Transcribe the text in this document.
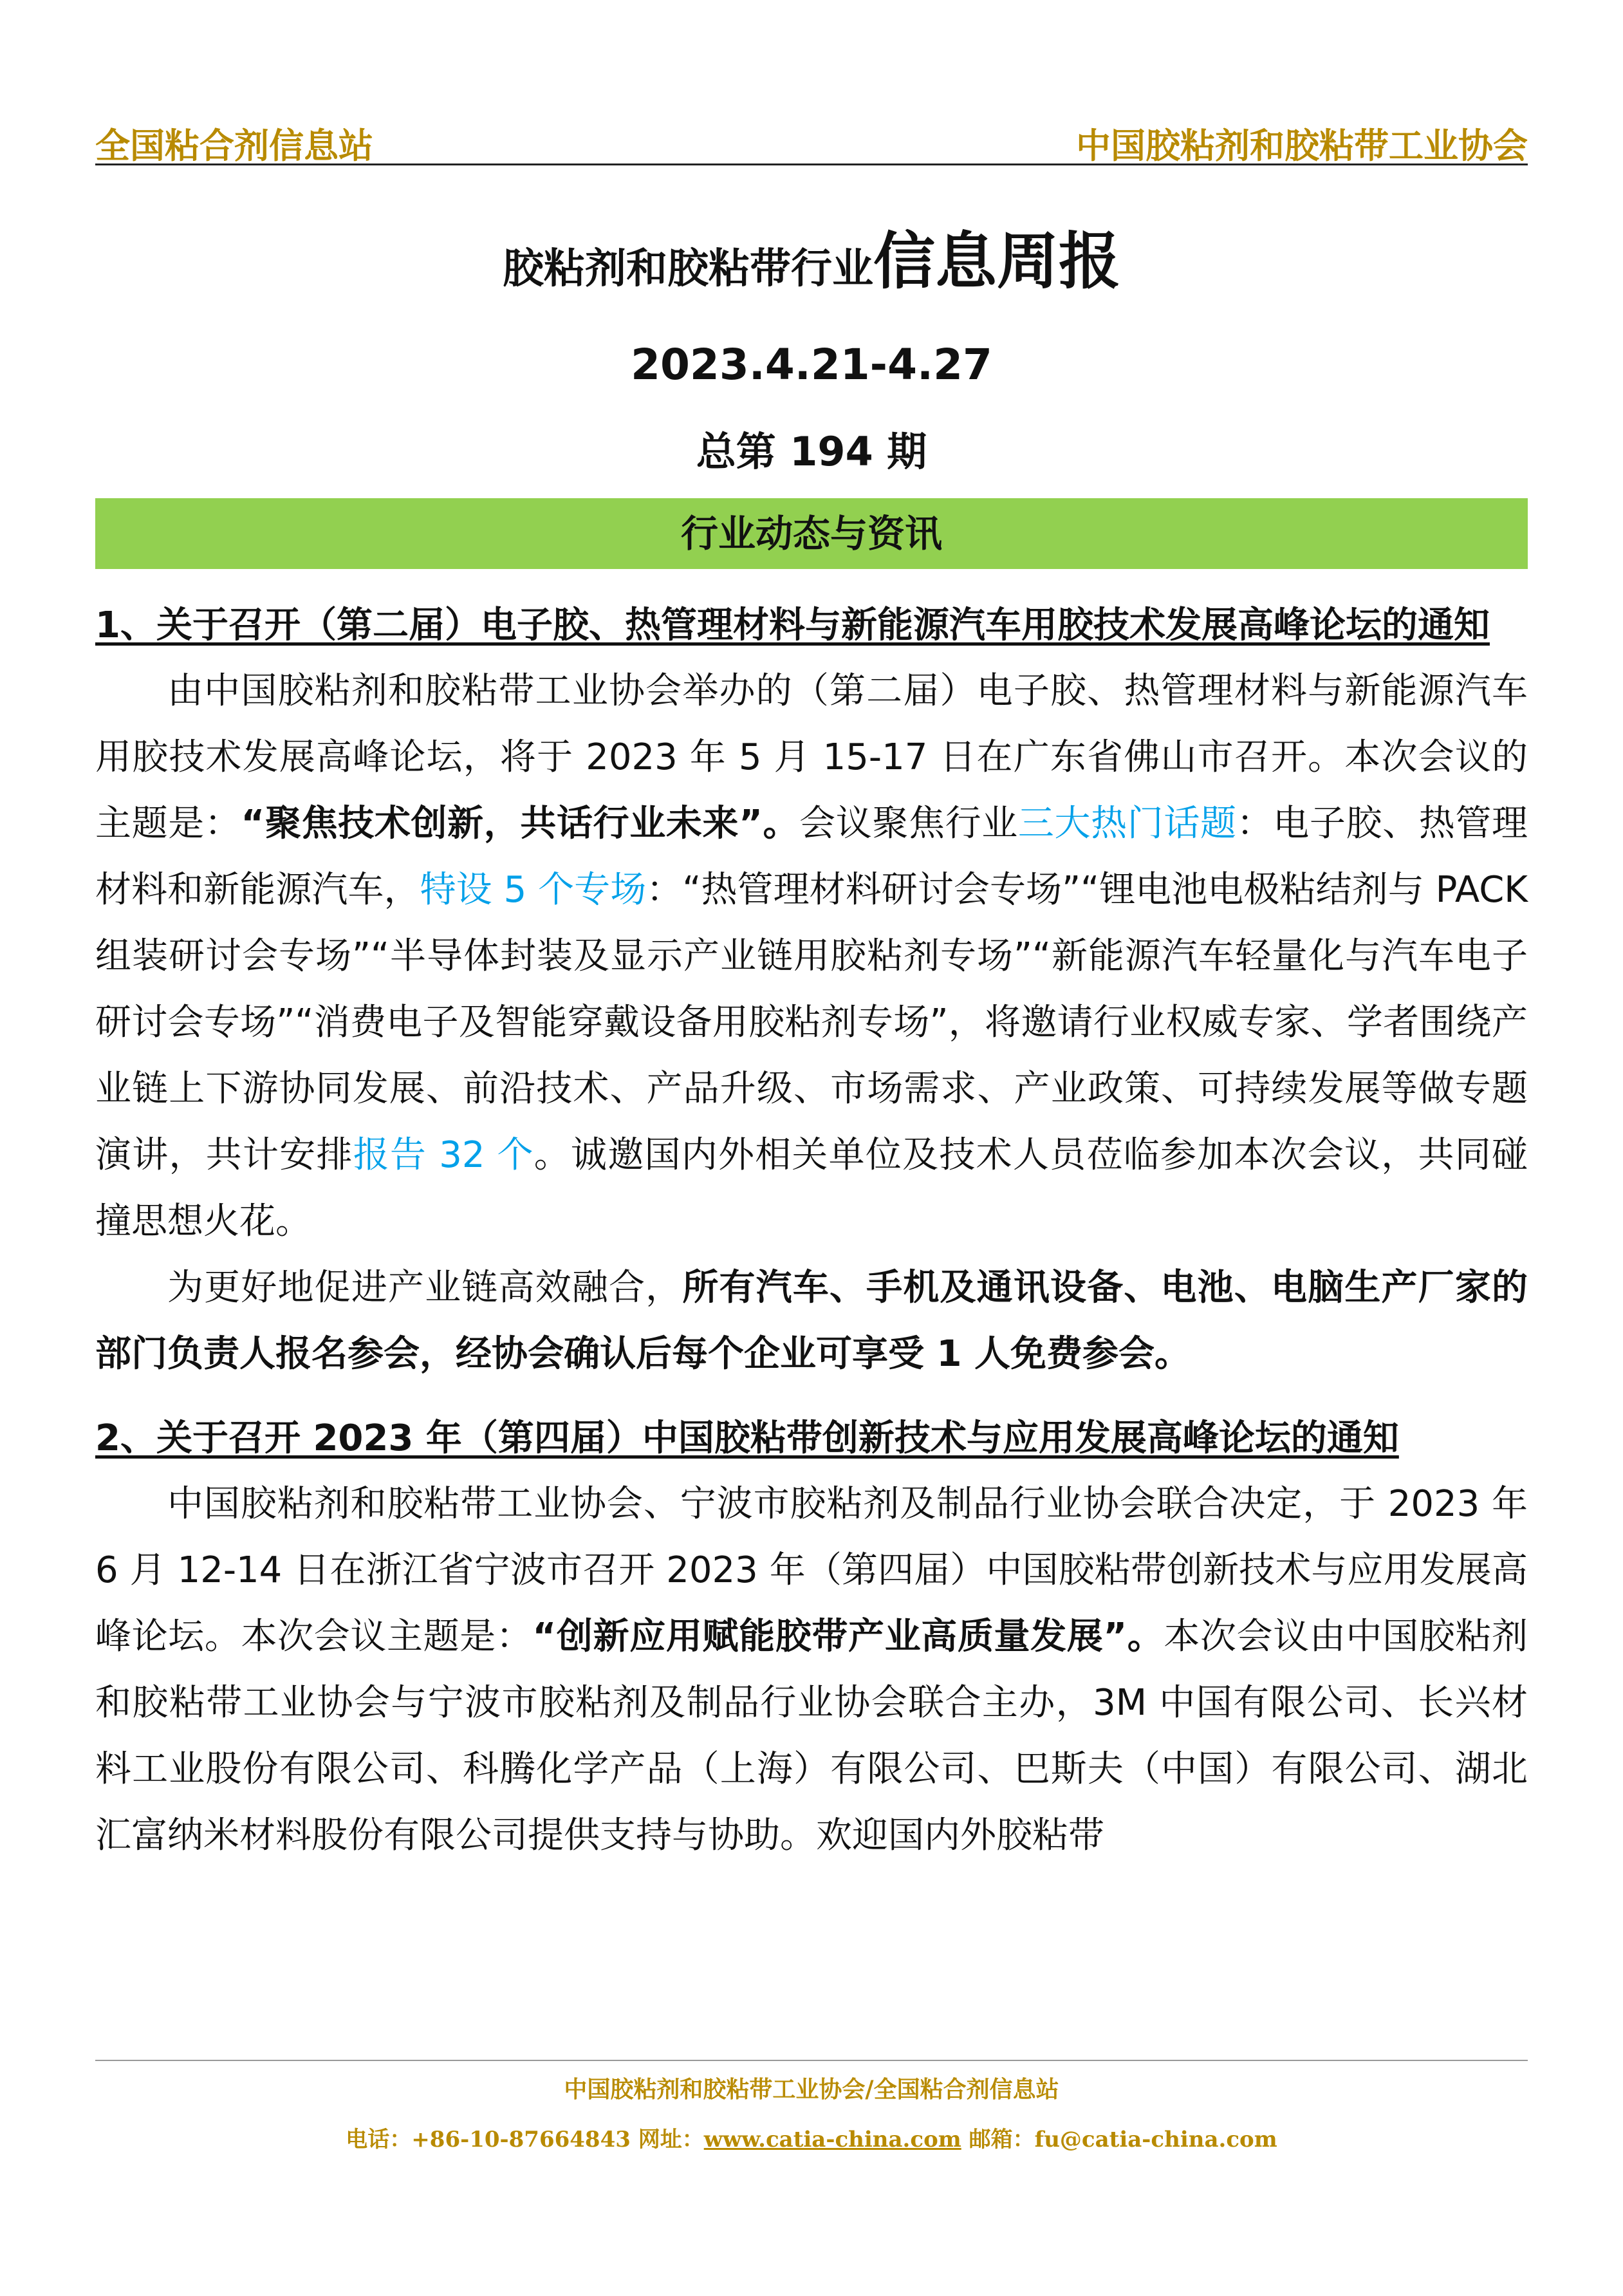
全国粘合剂信息站	中国胶粘剂和胶粘带工业协会
胶粘剂和胶粘带行业信息周报
2023.4.21-4.27
总第 194 期
行业动态与资讯

1、关于召开（第二届）电子胶、热管理材料与新能源汽车用胶技术发展高峰论坛的通知

由中国胶粘剂和胶粘带工业协会举办的（第二届）电子胶、热管理材料与新能源汽车用胶技术发展高峰论坛，将于 2023 年 5 月 15-17 日在广东省佛山市召开。本次会议的主题是：“聚焦技术创新，共话行业未来”。会议聚焦行业三大热门话题：电子胶、热管理材料和新能源汽车，特设 5 个专场：“热管理材料研讨会专场”“锂电池电极粘结剂与 PACK 组装研讨会专场”“半导体封装及显示产业链用胶粘剂专场”“新能源汽车轻量化与汽车电子研讨会专场”“消费电子及智能穿戴设备用胶粘剂专场”，将邀请行业权威专家、学者围绕产业链上下游协同发展、前沿技术、产品升级、市场需求、产业政策、可持续发展等做专题演讲，共计安排报告 32 个。诚邀国内外相关单位及技术人员莅临参加本次会议，共同碰撞思想火花。

为更好地促进产业链高效融合，所有汽车、手机及通讯设备、电池、电脑生产厂家的部门负责人报名参会，经协会确认后每个企业可享受 1 人免费参会。

2、关于召开 2023 年（第四届）中国胶粘带创新技术与应用发展高峰论坛的通知

中国胶粘剂和胶粘带工业协会、宁波市胶粘剂及制品行业协会联合决定，于 2023 年 6 月 12-14 日在浙江省宁波市召开 2023 年（第四届）中国胶粘带创新技术与应用发展高峰论坛。本次会议主题是：“创新应用赋能胶带产业高质量发展”。本次会议由中国胶粘剂和胶粘带工业协会与宁波市胶粘剂及制品行业协会联合主办，3M 中国有限公司、长兴材料工业股份有限公司、科腾化学产品（上海）有限公司、巴斯夫（中国）有限公司、湖北汇富纳米材料股份有限公司提供支持与协助。欢迎国内外胶粘带

中国胶粘剂和胶粘带工业协会/全国粘合剂信息站
电话：+86-10-87664843 网址：www.catia-china.com 邮箱：fu@catia-china.com
